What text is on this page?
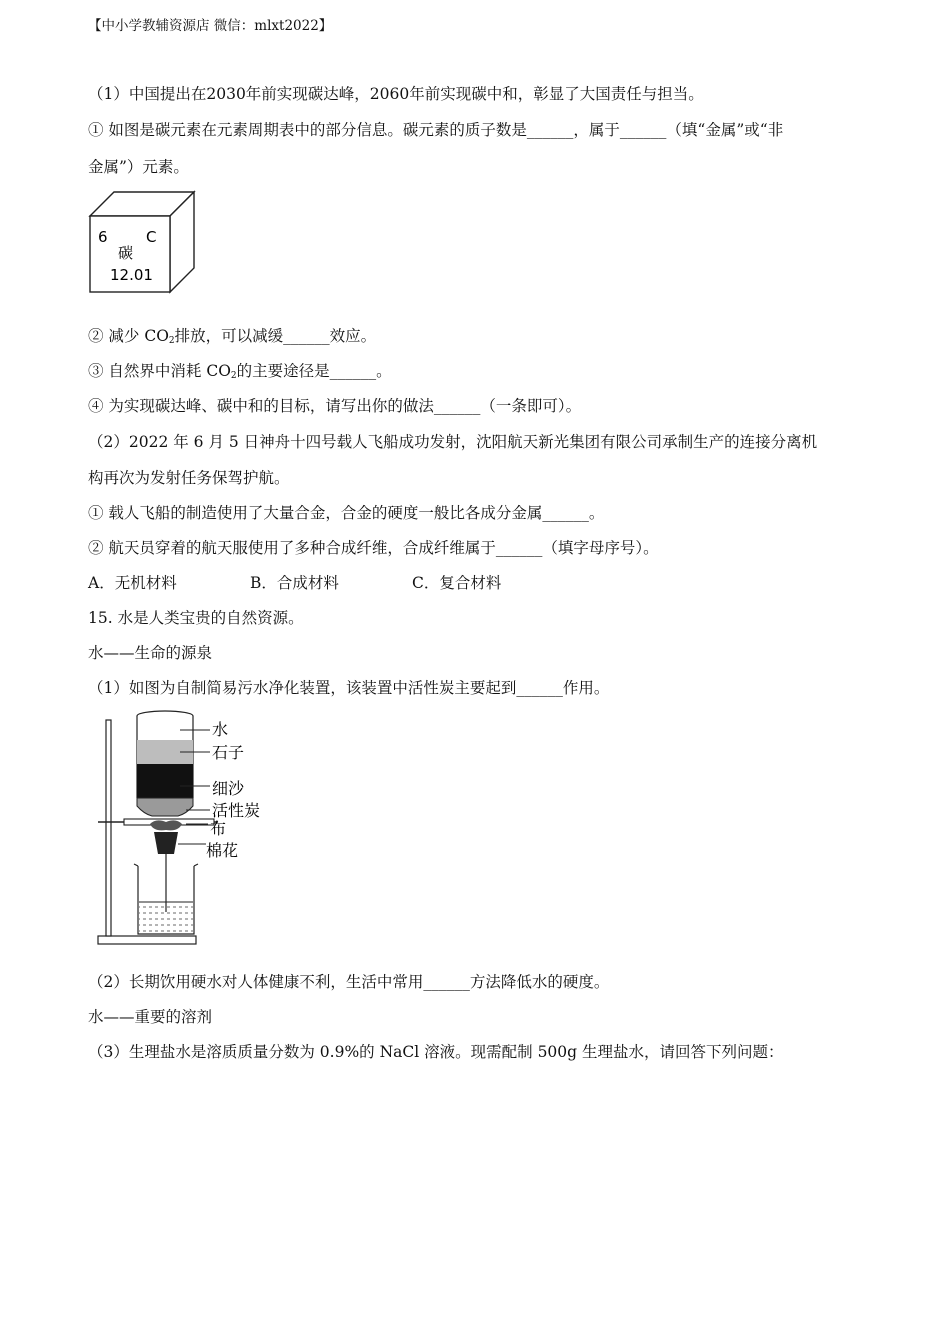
【中小学教辅资源店 微信：mlxt2022】
（1）中国提出在2030年前实现碳达峰，2060年前实现碳中和，彰显了大国责任与担当。
① 如图是碳元素在元素周期表中的部分信息。碳元素的质子数是______，属于______（填“金属”或“非
金属”）元素。
6	C
碳
12.01
② 减少 $CO_2$排放，可以减缓______效应。
③ 自然界中消耗 $CO_2$的主要途径是______。
④ 为实现碳达峰、碳中和的目标，请写出你的做法______（一条即可）。
（2）2022 年 6 月 5 日神舟十四号载人飞船成功发射，沈阳航天新光集团有限公司承制生产的连接分离机
构再次为发射任务保驾护航。
① 载人飞船的制造使用了大量合金，合金的硬度一般比各成分金属______。
② 航天员穿着的航天服使用了多种合成纤维，合成纤维属于______（填字母序号）。
A．无机材料	B．合成材料	C．复合材料
15. 水是人类宝贵的自然资源。
水——生命的源泉
（1）如图为自制简易污水净化装置，该装置中活性炭主要起到______作用。
水
石子
细沙
活性炭
布
棉花
（2）长期饮用硬水对人体健康不利，生活中常用______方法降低水的硬度。
水——重要的溶剂
（3）生理盐水是溶质质量分数为 0.9%的 NaCl 溶液。现需配制 500g 生理盐水，请回答下列问题：
